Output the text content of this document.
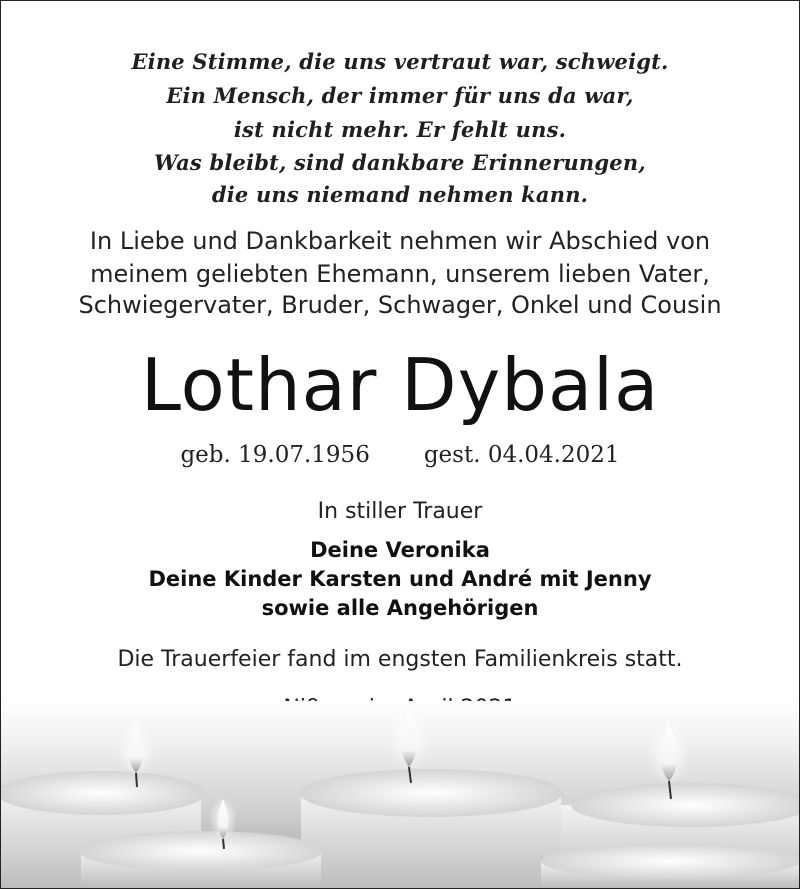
Eine Stimme, die uns vertraut war, schweigt.
Ein Mensch, der immer für uns da war,
ist nicht mehr. Er fehlt uns.
Was bleibt, sind dankbare Erinnerungen,
die uns niemand nehmen kann.
In Liebe und Dankbarkeit nehmen wir Abschied von
meinem geliebten Ehemann, unserem lieben Vater,
Schwiegervater, Bruder, Schwager, Onkel und Cousin
Lothar Dybala
geb. 19.07.1956 gest. 04.04.2021
In stiller Trauer
Deine Veronika
Deine Kinder Karsten und André mit Jenny
sowie alle Angehörigen
Die Trauerfeier fand im engsten Familienkreis statt.
